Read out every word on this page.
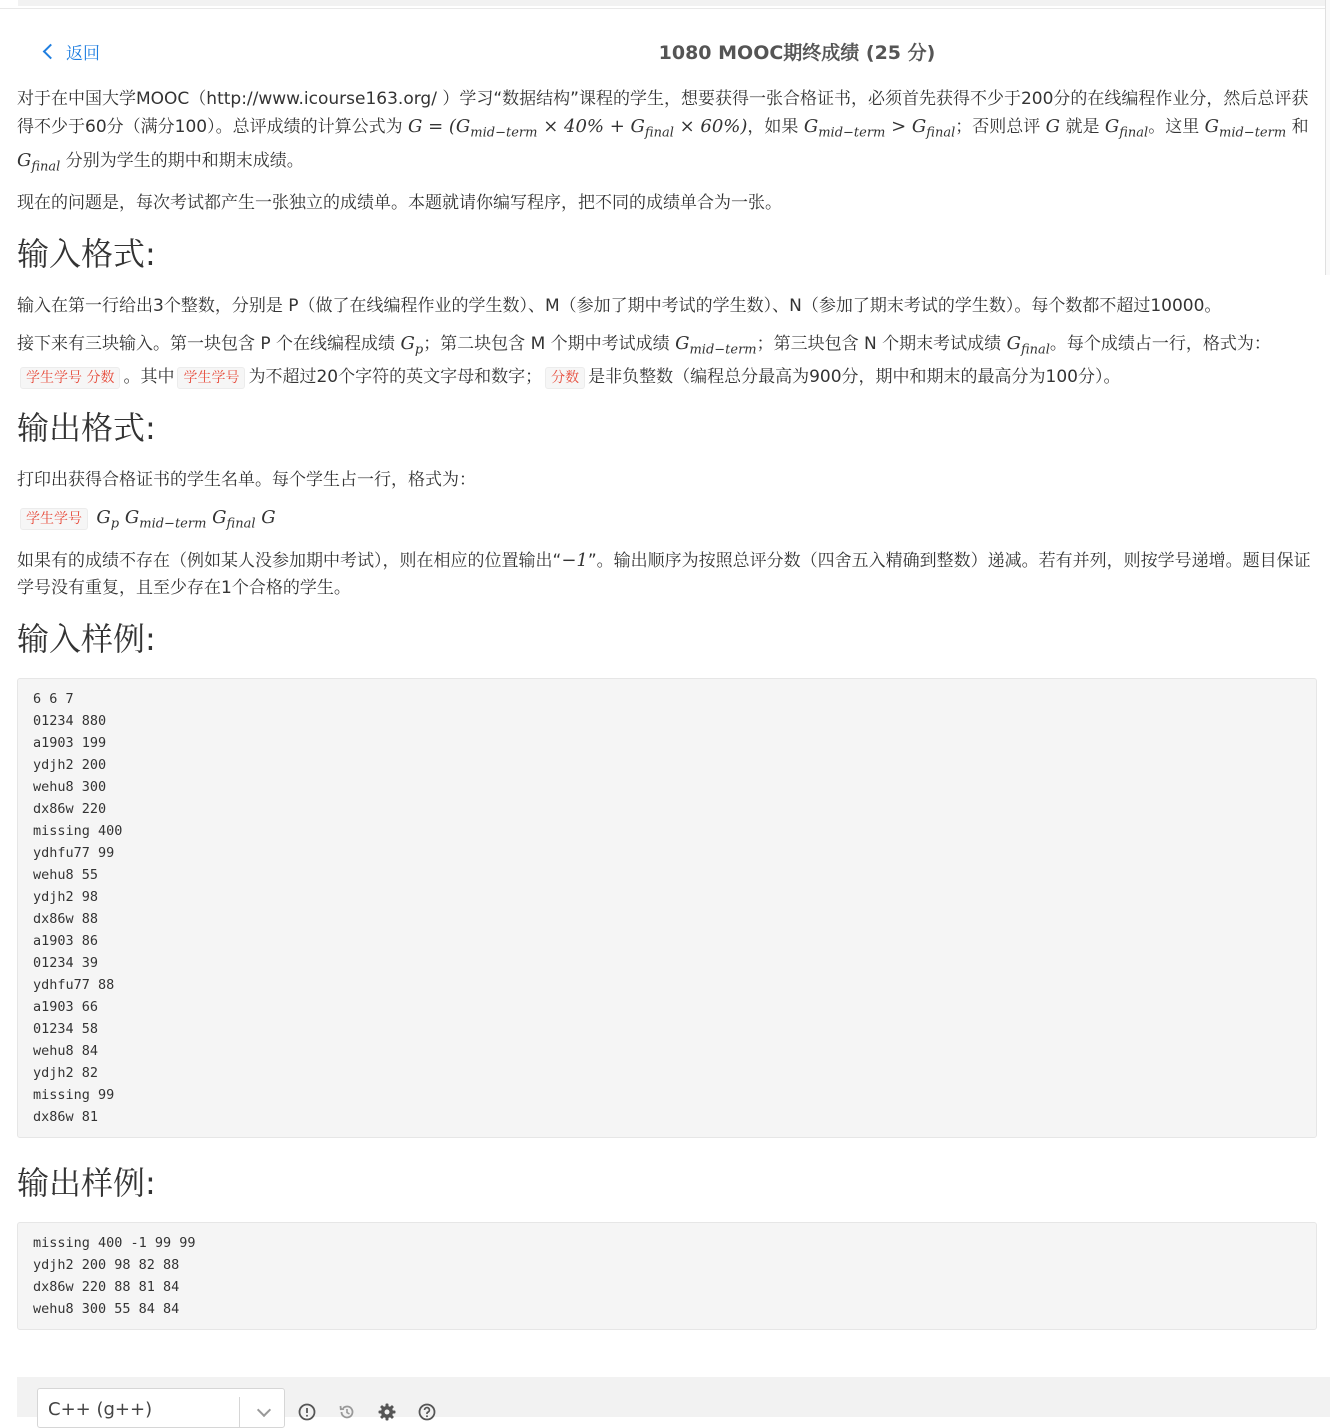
返回	1080 MOOC期终成绩 (25 分)

对于在中国大学MOOC（http://www.icourse163.org/ ）学习“数据结构”课程的学生，想要获得一张合格证书，必须首先获得不少于200分的在线编程作业分，然后总评获得不少于60分（满分100）。总评成绩的计算公式为 $G = (G_{mid-term} \times 40\% + G_{final} \times 60\%)$，如果 $G_{mid-term} > G_{final}$；否则总评 G 就是 $G_{final}$。这里 $G_{mid-term}$ 和 $G_{final}$ 分别为学生的期中和期末成绩。

现在的问题是，每次考试都产生一张独立的成绩单。本题就请你编写程序，把不同的成绩单合为一张。

输入格式:

输入在第一行给出3个整数，分别是 P（做了在线编程作业的学生数）、M（参加了期中考试的学生数）、N（参加了期末考试的学生数）。每个数都不超过10000。

接下来有三块输入。第一块包含 P 个在线编程成绩 $G_p$；第二块包含 M 个期中考试成绩 $G_{mid-term}$；第三块包含 N 个期末考试成绩 $G_{final}$。每个成绩占一行，格式为：学生学号 分数 。其中 学生学号 为不超过20个字符的英文字母和数字； 分数 是非负整数（编程总分最高为900分，期中和期末的最高分为100分）。

输出格式:

打印出获得合格证书的学生名单。每个学生占一行，格式为：

学生学号 $G_p$ $G_{mid-term}$ $G_{final}$ G

如果有的成绩不存在（例如某人没参加期中考试），则在相应的位置输出“−1”。输出顺序为按照总评分数（四舍五入精确到整数）递减。若有并列，则按学号递增。题目保证学号没有重复，且至少存在1个合格的学生。

输入样例:
6 6 7
01234 880
a1903 199
ydjh2 200
wehu8 300
dx86w 220
missing 400
ydhfu77 99
wehu8 55
ydjh2 98
dx86w 88
a1903 86
01234 39
ydhfu77 88
a1903 66
01234 58
wehu8 84
ydjh2 82
missing 99
dx86w 81
输出样例:
missing 400 -1 99 99
ydjh2 200 98 82 88
dx86w 220 88 81 84
wehu8 300 55 84 84
C++ (g++)
